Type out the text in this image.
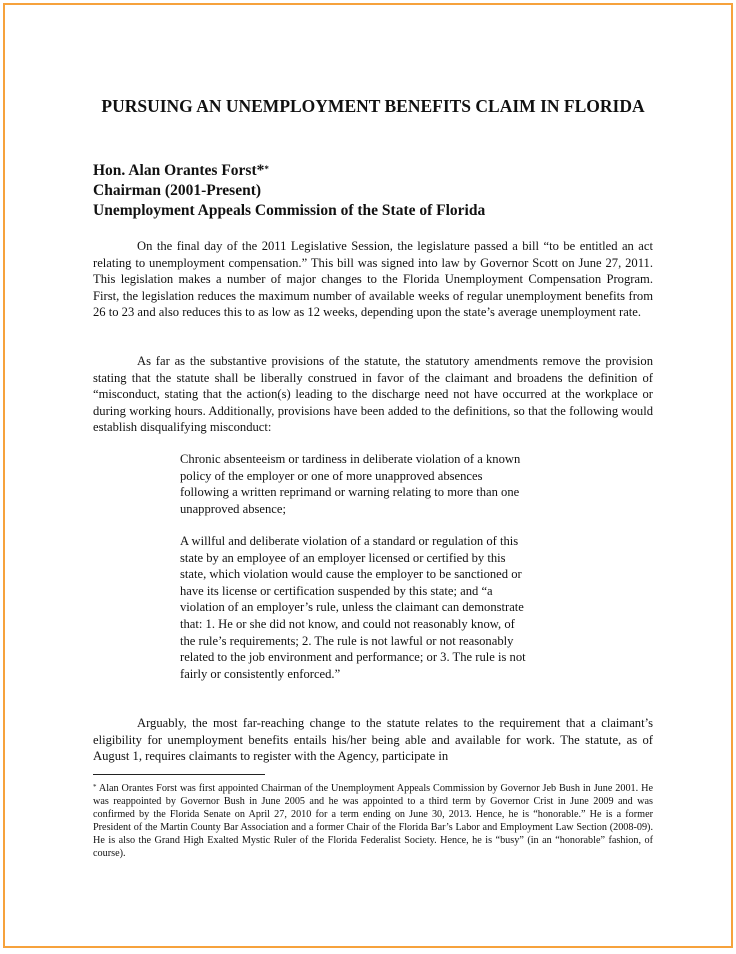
PURSUING AN UNEMPLOYMENT BENEFITS CLAIM IN FLORIDA
Hon. Alan Orantes Forst**
Chairman (2001-Present)
Unemployment Appeals Commission of the State of Florida

On the final day of the 2011 Legislative Session, the legislature passed a bill “to be entitled an act relating to unemployment compensation.” This bill was signed into law by Governor Scott on June 27, 2011. This legislation makes a number of major changes to the Florida Unemployment Compensation Program. First, the legislation reduces the maximum number of available weeks of regular unemployment benefits from 26 to 23 and also reduces this to as low as 12 weeks, depending upon the state’s average unemployment rate.

As far as the substantive provisions of the statute, the statutory amendments remove the provision stating that the statute shall be liberally construed in favor of the claimant and broadens the definition of “misconduct, stating that the action(s) leading to the discharge need not have occurred at the workplace or during working hours. Additionally, provisions have been added to the definitions, so that the following would establish disqualifying misconduct:

Chronic absenteeism or tardiness in deliberate violation of a known policy of the employer or one of more unapproved absences following a written reprimand or warning relating to more than one unapproved absence;

A willful and deliberate violation of a standard or regulation of this state by an employee of an employer licensed or certified by this state, which violation would cause the employer to be sanctioned or have its license or certification suspended by this state; and “a violation of an employer’s rule, unless the claimant can demonstrate that: 1. He or she did not know, and could not reasonably know, of the rule’s requirements; 2. The rule is not lawful or not reasonably related to the job environment and performance; or 3. The rule is not fairly or consistently enforced.”

Arguably, the most far-reaching change to the statute relates to the requirement that a claimant’s eligibility for unemployment benefits entails his/her being able and available for work. The statute, as of August 1, requires claimants to register with the Agency, participate in

* Alan Orantes Forst was first appointed Chairman of the Unemployment Appeals Commission by Governor Jeb Bush in June 2001. He was reappointed by Governor Bush in June 2005 and he was appointed to a third term by Governor Crist in June 2009 and was confirmed by the Florida Senate on April 27, 2010 for a term ending on June 30, 2013. Hence, he is “honorable.” He is a former President of the Martin County Bar Association and a former Chair of the Florida Bar’s Labor and Employment Law Section (2008-09). He is also the Grand High Exalted Mystic Ruler of the Florida Federalist Society. Hence, he is “busy” (in an “honorable” fashion, of course).
